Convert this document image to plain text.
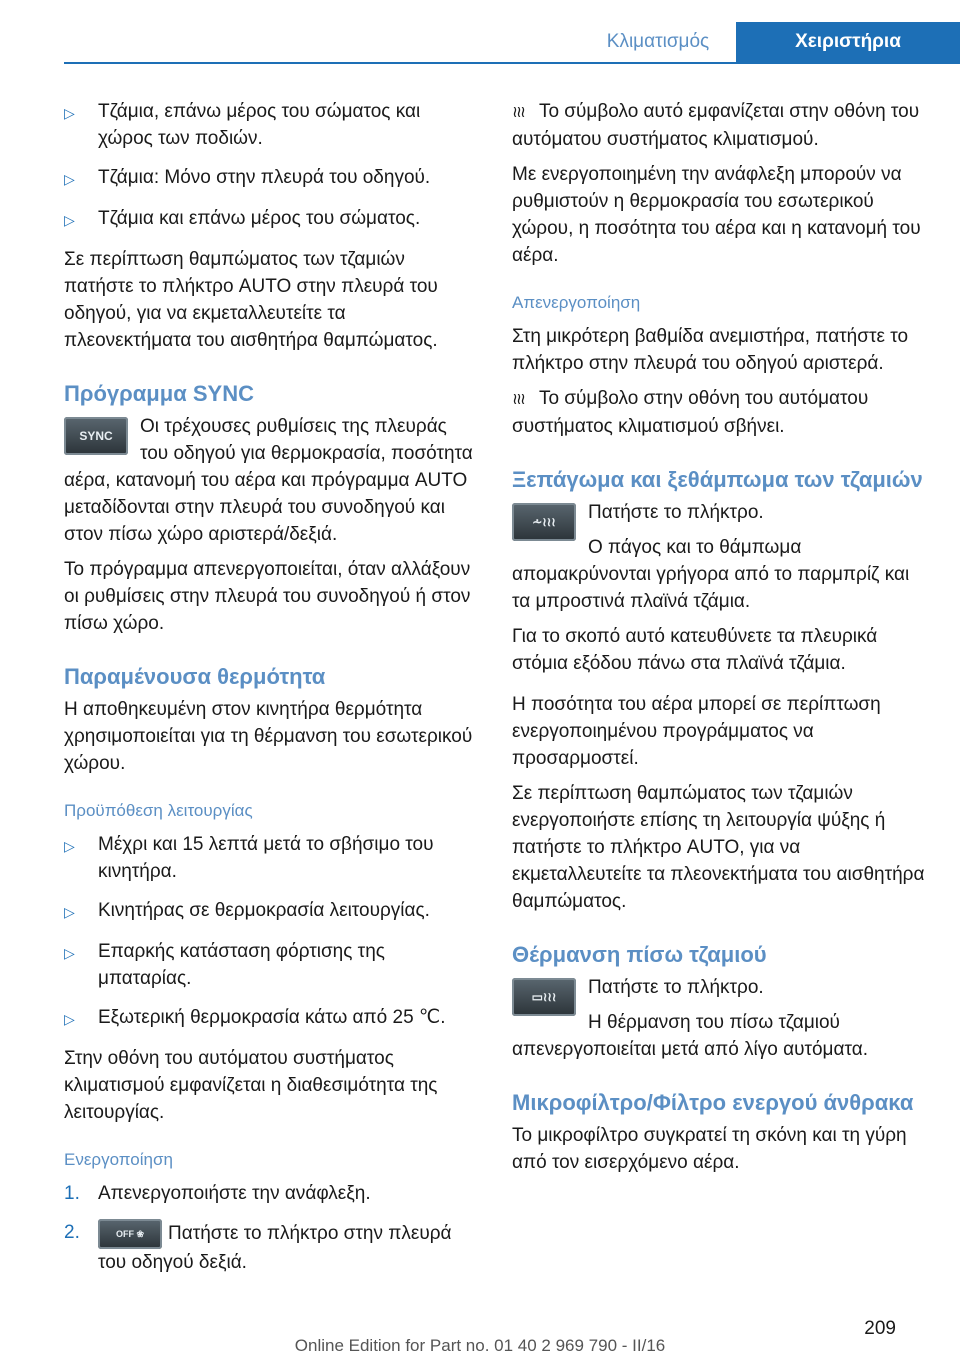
Κλιματισμός	Χειριστήρια
▷	Τζάμια, επάνω μέρος του σώματος και χώρος των ποδιών.
▷	Τζάμια: Μόνο στην πλευρά του οδηγού.
▷	Τζάμια και επάνω μέρος του σώματος.

Σε περίπτωση θαμπώματος των τζαμιών πατήστε το πλήκτρο AUTO στην πλευρά του οδηγού, για να εκμεταλλευτείτε τα πλεονεκτήματα του αισθητήρα θαμπώματος.

Πρόγραμμα SYNC
SYNC	Οι τρέχουσες ρυθμίσεις της πλευράς του οδηγού για θερμοκρασία, ποσότητα αέρα, κατανομή του αέρα και πρόγραμμα AUTO μεταδίδονται στην πλευρά του συνοδηγού και στον πίσω χώρο αριστερά/δεξιά.

Το πρόγραμμα απενεργοποιείται, όταν αλλάξουν οι ρυθμίσεις στην πλευρά του συνοδηγού ή στον πίσω χώρο.

Παραμένουσα θερμότητα

Η αποθηκευμένη στον κινητήρα θερμότητα χρησιμοποιείται για τη θέρμανση του εσωτερικού χώρου.

Προϋπόθεση λειτουργίας
▷	Μέχρι και 15 λεπτά μετά το σβήσιμο του κινητήρα.
▷	Κινητήρας σε θερμοκρασία λειτουργίας.
▷	Επαρκής κατάσταση φόρτισης της μπαταρίας.
▷	Εξωτερική θερμοκρασία κάτω από 25 ℃.

Στην οθόνη του αυτόματου συστήματος κλιματισμού εμφανίζεται η διαθεσιμότητα της λειτουργίας.

Ενεργοποίηση
1. Απενεργοποιήστε την ανάφλεξη.
2.	OFF ❀ Πατήστε το πλήκτρο στην πλευρά του οδηγού δεξιά.

≀≀≀ Το σύμβολο αυτό εμφανίζεται στην οθόνη του αυτόματου συστήματος κλιματισμού.

Με ενεργοποιημένη την ανάφλεξη μπορούν να ρυθμιστούν η θερμοκρασία του εσωτερικού χώρου, η ποσότητα του αέρα και η κατανομή του αέρα.

Απενεργοποίηση

Στη μικρότερη βαθμίδα ανεμιστήρα, πατήστε το πλήκτρο στην πλευρά του οδηγού αριστερά.

≀≀≀ Το σύμβολο στην οθόνη του αυτόματου συστήματος κλιματισμού σβήνει.

Ξεπάγωμα και ξεθάμπωμα των τζαμιών
⩪≀≀≀	Πατήστε το πλήκτρο.

Ο πάγος και το θάμπωμα απομακρύνονται γρήγορα από το παρμπρίζ και τα μπροστινά πλαϊνά τζάμια.

Για το σκοπό αυτό κατευθύνετε τα πλευρικά στόμια εξόδου πάνω στα πλαϊνά τζάμια.

Η ποσότητα του αέρα μπορεί σε περίπτωση ενεργοποιημένου προγράμματος να προσαρμοστεί.

Σε περίπτωση θαμπώματος των τζαμιών ενεργοποιήστε επίσης τη λειτουργία ψύξης ή πατήστε το πλήκτρο AUTO, για να εκμεταλλευτείτε τα πλεονεκτήματα του αισθητήρα θαμπώματος.

Θέρμανση πίσω τζαμιού
▭≀≀≀	Πατήστε το πλήκτρο.

Η θέρμανση του πίσω τζαμιού απενεργοποιείται μετά από λίγο αυτόματα.

Μικροφίλτρο/Φίλτρο ενεργού άνθρακα

Το μικροφίλτρο συγκρατεί τη σκόνη και τη γύρη από τον εισερχόμενο αέρα.

209
Online Edition for Part no. 01 40 2 969 790 - II/16
